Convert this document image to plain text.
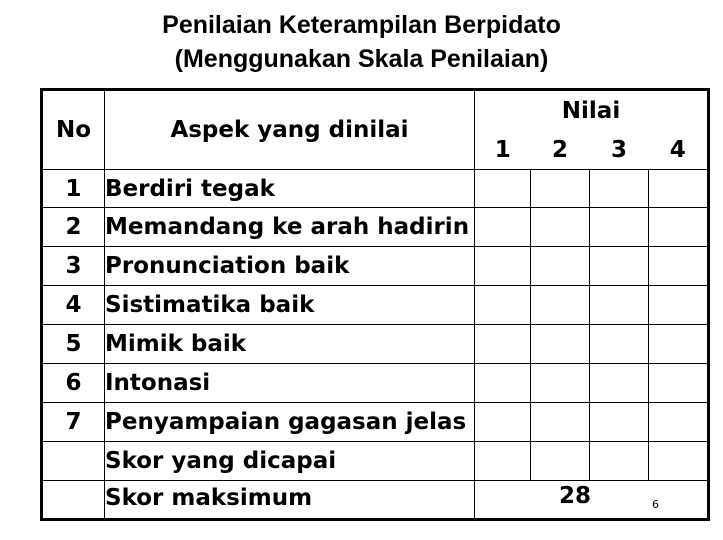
Penilaian Keterampilan Berpidato
(Menggunakan Skala Penilaian)
No	Aspek yang dinilai	Nilai			
		1	2	3	4
1	Berdiri tegak				
2	Memandang ke arah hadirin				
3	Pronunciation baik				
4	Sistimatika baik				
5	Mimik baik				
6	Intonasi				
7	Penyampaian gagasan jelas				
	Skor yang dicapai				
	Skor maksimum	28				6
